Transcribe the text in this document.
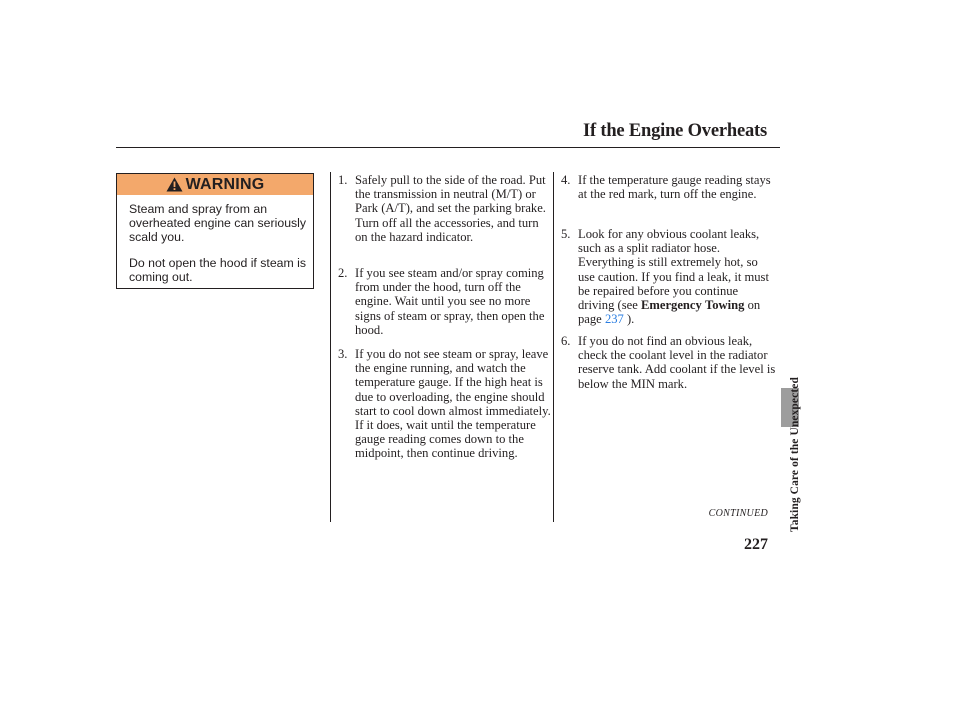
If the Engine Overheats
WARNING
Steam and spray from an overheated engine can seriously scald you.
Do not open the hood if steam is coming out.
1. Safely pull to the side of the road. Put the transmission in neutral (M/T) or Park (A/T), and set the parking brake. Turn off all the accessories, and turn on the hazard indicator.
2. If you see steam and/or spray coming from under the hood, turn off the engine. Wait until you see no more signs of steam or spray, then open the hood.
3. If you do not see steam or spray, leave the engine running, and watch the temperature gauge. If the high heat is due to overloading, the engine should start to cool down almost immediately. If it does, wait until the temperature gauge reading comes down to the midpoint, then continue driving.
4. If the temperature gauge reading stays at the red mark, turn off the engine.
5. Look for any obvious coolant leaks, such as a split radiator hose. Everything is still extremely hot, so use caution. If you find a leak, it must be repaired before you continue driving (see Emergency Towing on page 237 ).
6. If you do not find an obvious leak, check the coolant level in the radiator reserve tank. Add coolant if the level is below the MIN mark.
CONTINUED
227
Taking Care of the Unexpected
